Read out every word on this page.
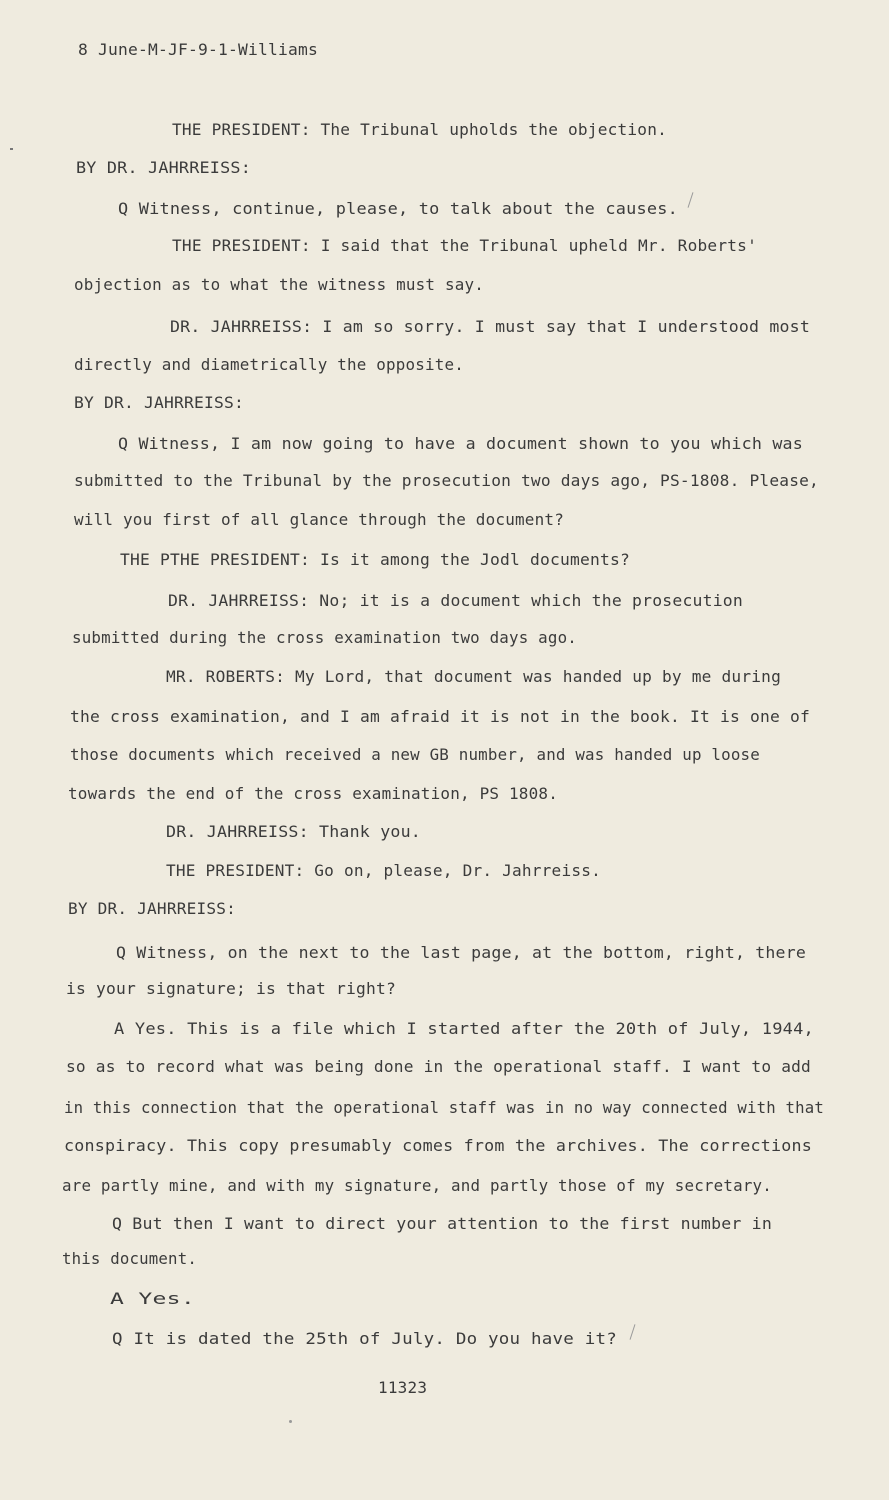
8 June-M-JF-9-1-Williams
THE PRESIDENT: The Tribunal upholds the objection.
BY DR. JAHRREISS:
Q Witness, continue, please, to talk about the causes.
THE PRESIDENT: I said that the Tribunal upheld Mr. Roberts'
objection as to what the witness must say.
DR. JAHRREISS: I am so sorry. I must say that I understood most
directly and diametrically the opposite.
BY DR. JAHRREISS:
Q Witness, I am now going to have a document shown to you which was
submitted to the Tribunal by the prosecution two days ago, PS-1808. Please,
will you first of all glance through the document?
THE PTHE PRESIDENT: Is it among the Jodl documents?
DR. JAHRREISS: No; it is a document which the prosecution
submitted during the cross examination two days ago.
MR. ROBERTS: My Lord, that document was handed up by me during
the cross examination, and I am afraid it is not in the book. It is one of
those documents which received a new GB number, and was handed up loose
towards the end of the cross examination, PS 1808.
DR. JAHRREISS: Thank you.
THE PRESIDENT: Go on, please, Dr. Jahrreiss.
BY DR. JAHRREISS:
Q Witness, on the next to the last page, at the bottom, right, there
is your signature; is that right?
A Yes. This is a file which I started after the 20th of July, 1944,
so as to record what was being done in the operational staff. I want to add
in this connection that the operational staff was in no way connected with that
conspiracy. This copy presumably comes from the archives. The corrections
are partly mine, and with my signature, and partly those of my secretary.
Q But then I want to direct your attention to the first number in
this document.
A Yes.
Q It is dated the 25th of July. Do you have it?
11323
